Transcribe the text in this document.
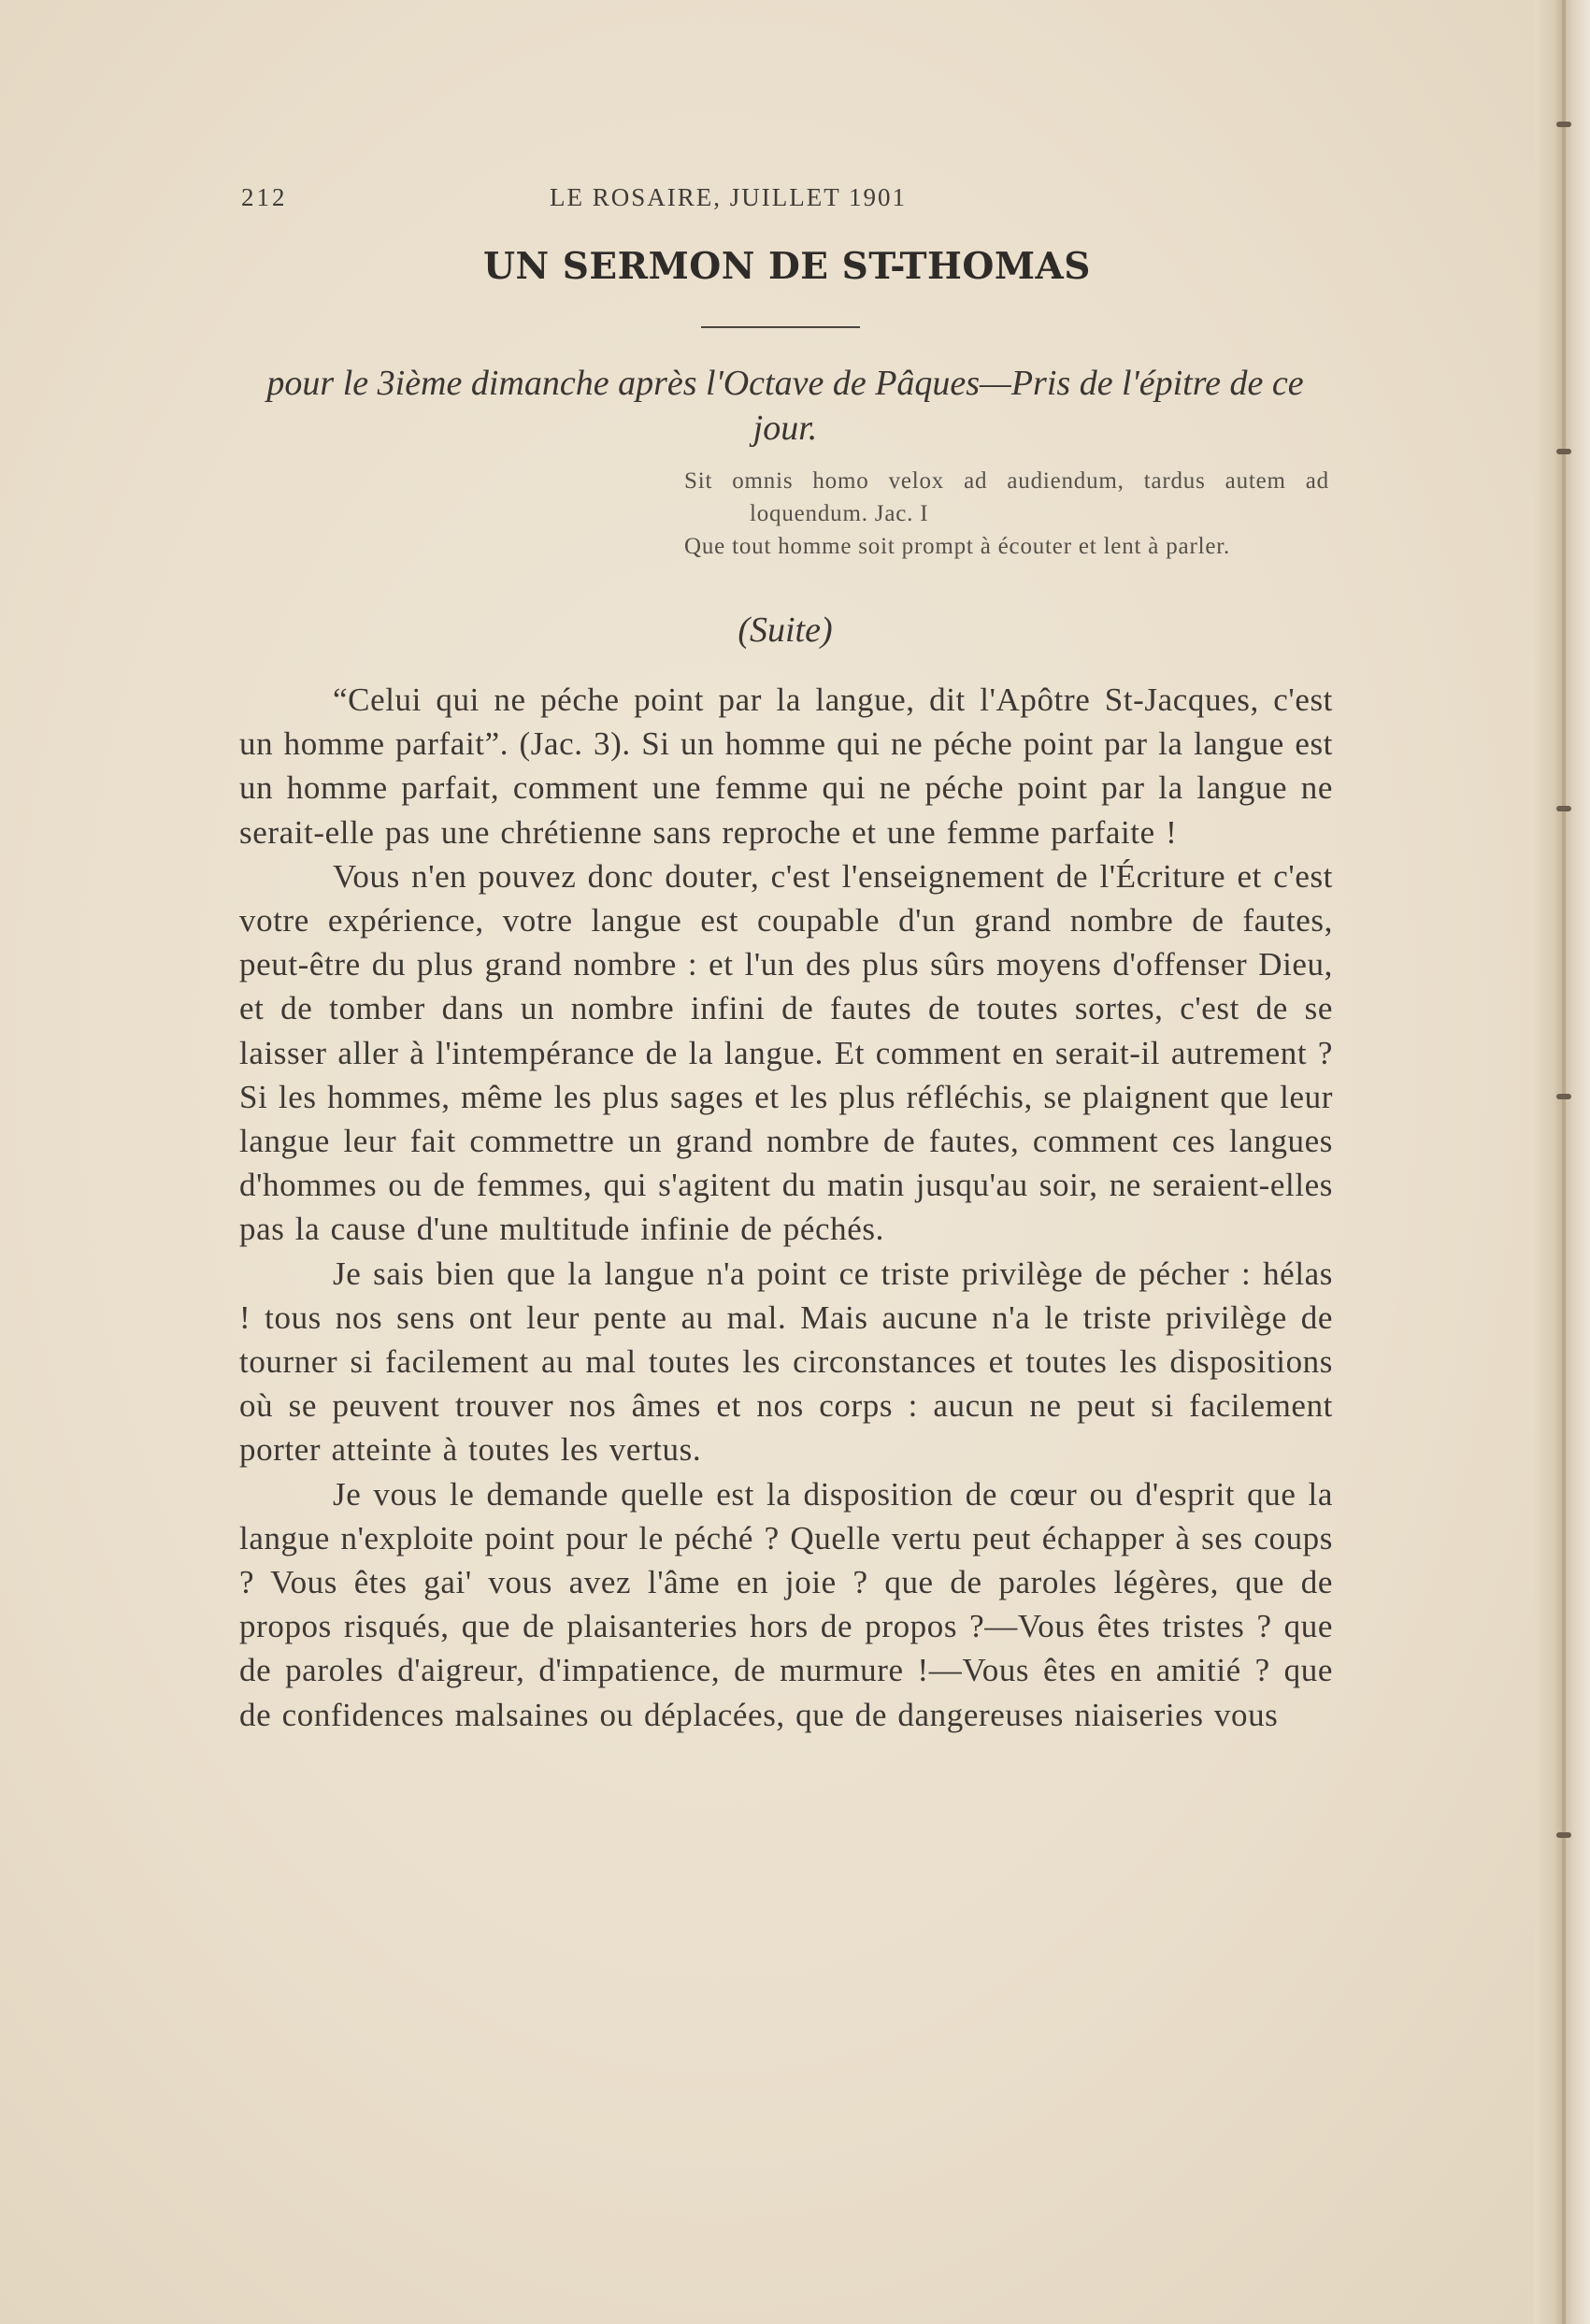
212	LE ROSAIRE, JUILLET 1901
UN SERMON DE ST-THOMAS
pour le 3ième dimanche après l'Octave de Pâques—Pris de l'épitre de ce jour.

Sit omnis homo velox ad audiendum, tardus autem ad loquendum. Jac. I

Que tout homme soit prompt à écouter et lent à parler.

(Suite)

“Celui qui ne péche point par la langue, dit l'Apôtre St-Jacques, c'est un homme parfait”. (Jac. 3). Si un homme qui ne péche point par la langue est un homme parfait, comment une femme qui ne péche point par la langue ne serait-elle pas une chrétienne sans reproche et une femme parfaite !

Vous n'en pouvez donc douter, c'est l'enseignement de l'Écriture et c'est votre expérience, votre langue est coupable d'un grand nombre de fautes, peut-être du plus grand nombre : et l'un des plus sûrs moyens d'offenser Dieu, et de tomber dans un nombre infini de fautes de toutes sortes, c'est de se laisser aller à l'intempérance de la langue. Et comment en serait-il autrement ? Si les hommes, même les plus sages et les plus réfléchis, se plaignent que leur langue leur fait commettre un grand nombre de fautes, comment ces langues d'hommes ou de femmes, qui s'agitent du matin jusqu'au soir, ne seraient-elles pas la cause d'une multitude infinie de péchés.

Je sais bien que la langue n'a point ce triste privilège de pécher : hélas ! tous nos sens ont leur pente au mal. Mais aucune n'a le triste privilège de tourner si facilement au mal toutes les circonstances et toutes les dispositions où se peuvent trouver nos âmes et nos corps : aucun ne peut si facilement porter atteinte à toutes les vertus.

Je vous le demande quelle est la disposition de cœur ou d'esprit que la langue n'exploite point pour le péché ? Quelle vertu peut échapper à ses coups ? Vous êtes gai' vous avez l'âme en joie ? que de paroles légères, que de propos risqués, que de plaisanteries hors de propos ?—Vous êtes tristes ? que de paroles d'aigreur, d'impatience, de murmure !—Vous êtes en amitié ? que de confidences malsaines ou déplacées, que de dangereuses niaiseries vous
